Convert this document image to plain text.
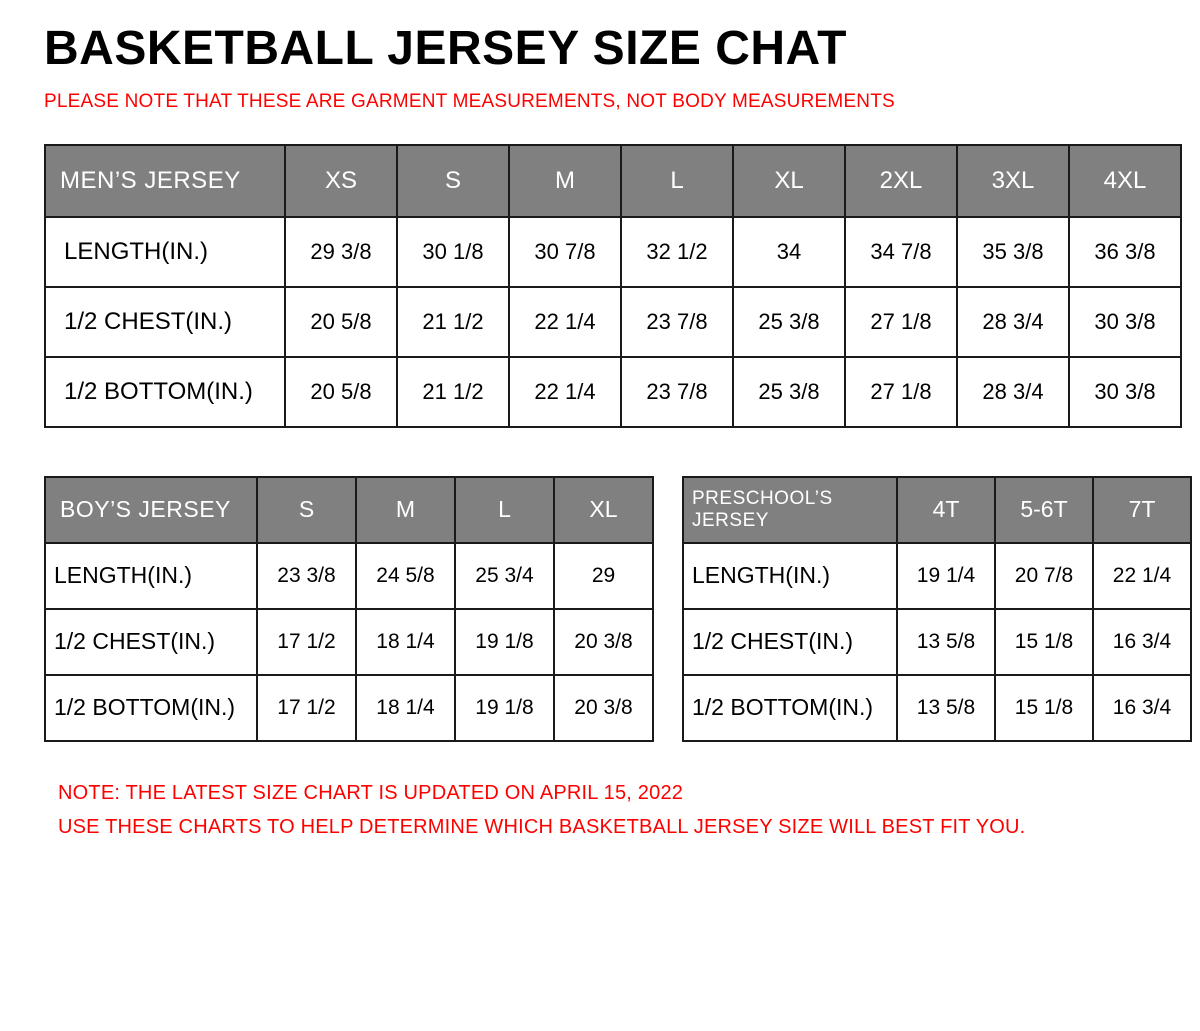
BASKETBALL JERSEY SIZE CHAT

PLEASE NOTE THAT THESE ARE GARMENT MEASUREMENTS, NOT BODY MEASUREMENTS

MEN’S JERSEY	XS	S	M	L	XL	2XL	3XL	4XL
LENGTH(IN.)	29 3/8	30 1/8	30 7/8	32 1/2	34	34 7/8	35 3/8	36 3/8
1/2 CHEST(IN.)	20 5/8	21 1/2	22 1/4	23 7/8	25 3/8	27 1/8	28 3/4	30 3/8
1/2 BOTTOM(IN.)	20 5/8	21 1/2	22 1/4	23 7/8	25 3/8	27 1/8	28 3/4	30 3/8
BOY’S JERSEY	S	M	L	XL
LENGTH(IN.)	23 3/8	24 5/8	25 3/4	29
1/2 CHEST(IN.)	17 1/2	18 1/4	19 1/8	20 3/8
1/2 BOTTOM(IN.)	17 1/2	18 1/4	19 1/8	20 3/8
PRESCHOOL’S JERSEY	4T	5-6T	7T
LENGTH(IN.)	19 1/4	20 7/8	22 1/4
1/2 CHEST(IN.)	13 5/8	15 1/8	16 3/4
1/2 BOTTOM(IN.)	13 5/8	15 1/8	16 3/4
NOTE: THE LATEST SIZE CHART IS UPDATED ON APRIL 15, 2022
USE THESE CHARTS TO HELP DETERMINE WHICH BASKETBALL JERSEY SIZE WILL BEST FIT YOU.
